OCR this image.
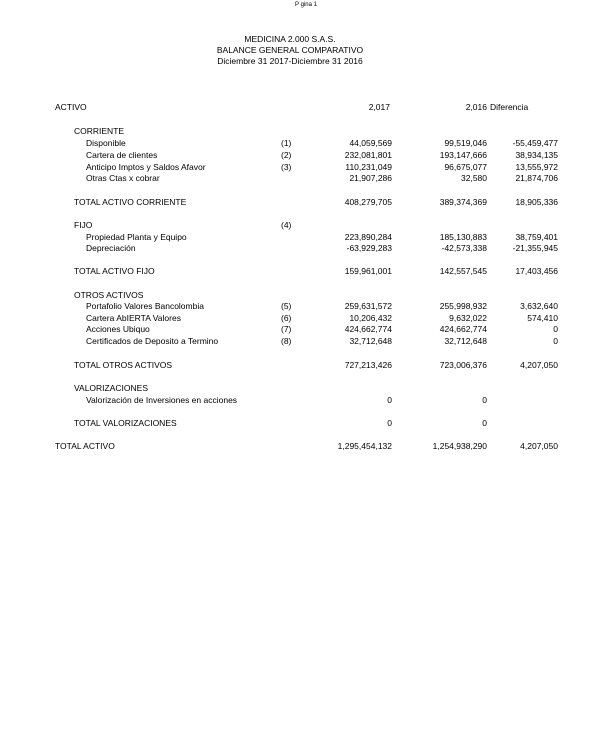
P gina 1
MEDICINA 2.000 S.A.S.
BALANCE GENERAL COMPARATIVO
Diciembre 31 2017-Diciembre 31 2016
ACTIVO	2,017	2,016 Diferencia
CORRIENTE
Disponible	(1)	44,059,569	99,519,046	-55,459,477
Cartera de clientes	(2)	232,081,801	193,147,666	38,934,135
Anticipo Imptos y Saldos Afavor	(3)	110,231,049	96,675,077	13,555,972
Otras Ctas x cobrar	21,907,286	32,580	21,874,706
TOTAL ACTIVO CORRIENTE	408,279,705	389,374,369	18,905,336
FIJO	(4)
Propiedad Planta y Equipo	223,890,284	185,130,883	38,759,401
Depreciación	-63,929,283	-42,573,338	-21,355,945
TOTAL ACTIVO FIJO	159,961,001	142,557,545	17,403,456
OTROS ACTIVOS
Portafolio Valores Bancolombia	(5)	259,631,572	255,998,932	3,632,640
Cartera AbIERTA Valores	(6)	10,206,432	9,632,022	574,410
Acciones Ubiquo	(7)	424,662,774	424,662,774	0
Certificados de Deposito a Termino	(8)	32,712,648	32,712,648	0
TOTAL OTROS ACTIVOS	727,213,426	723,006,376	4,207,050
VALORIZACIONES
Valorización de Inversiones en acciones	0	0
TOTAL VALORIZACIONES	0	0
TOTAL ACTIVO	1,295,454,132	1,254,938,290	4,207,050
